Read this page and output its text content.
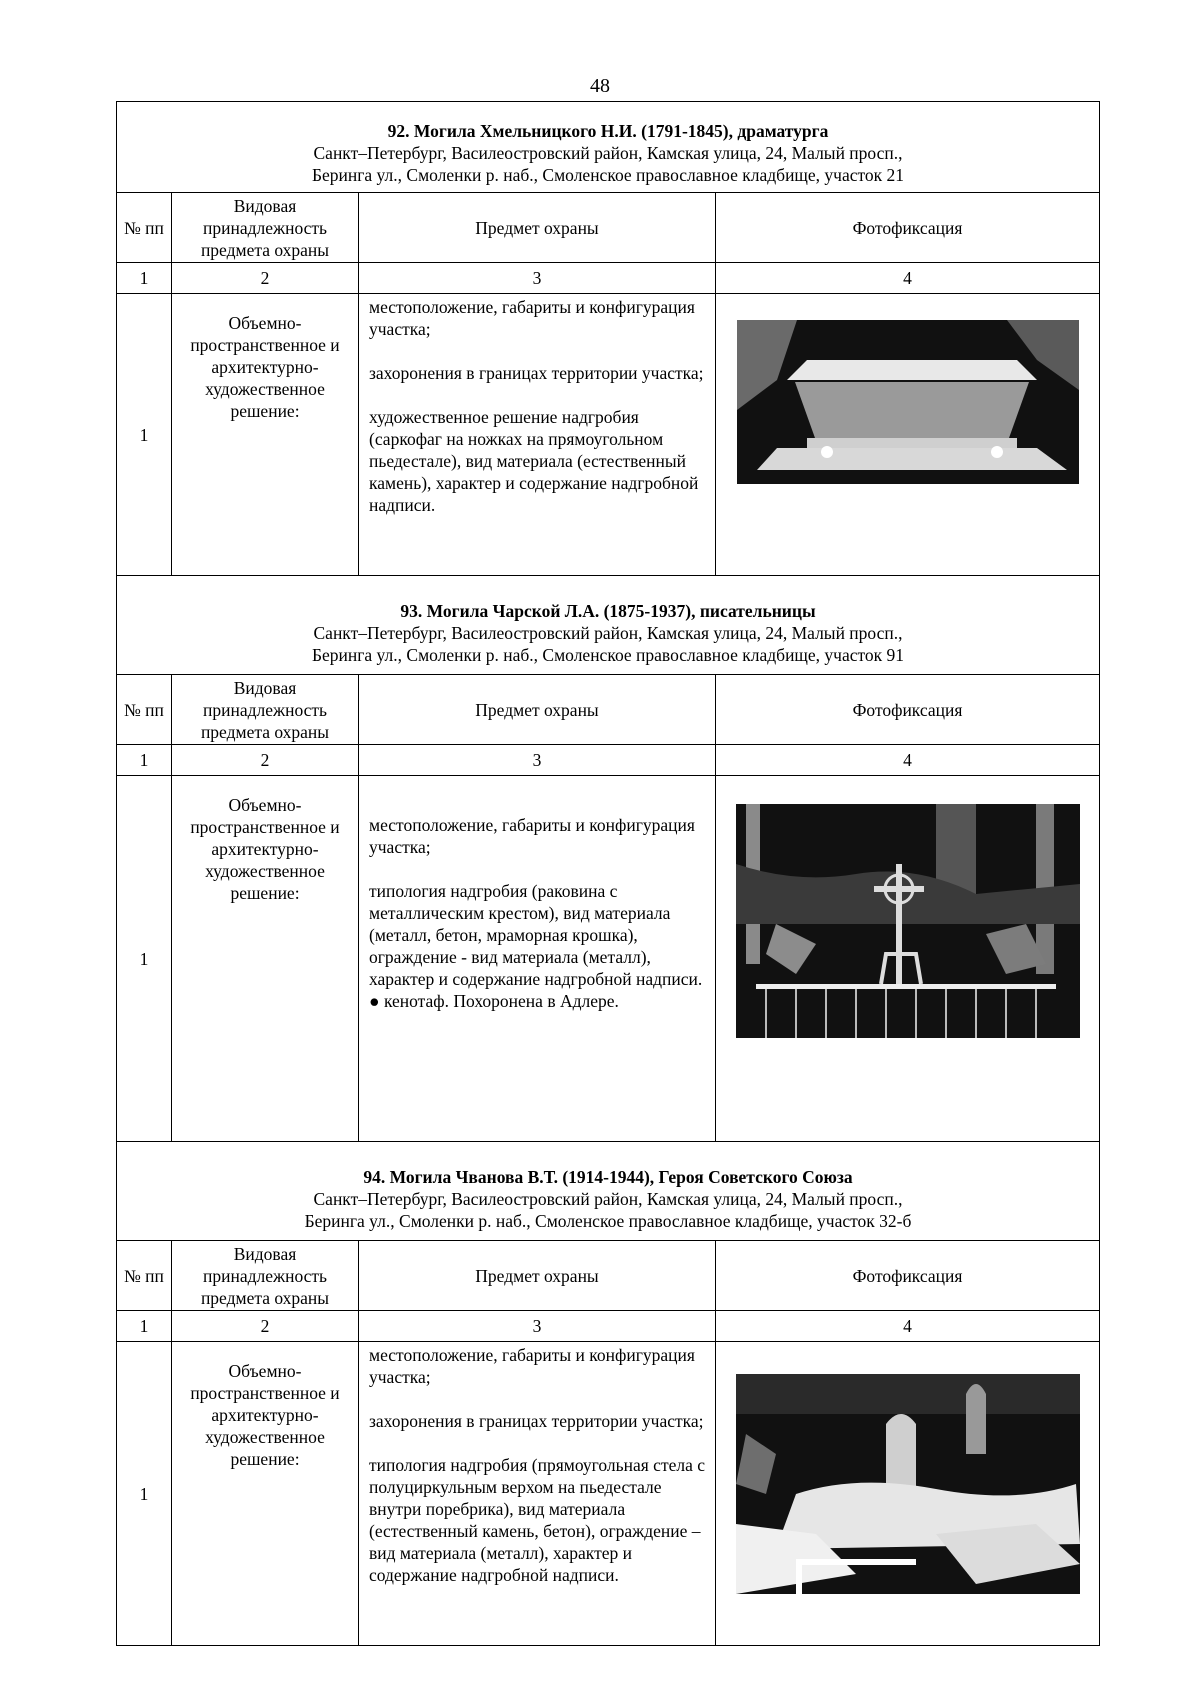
48
92. Могила Хмельницкого Н.И. (1791-1845), драматурга
Санкт–Петербург, Василеостровский район, Камская улица, 24, Малый просп.,
Беринга ул., Смоленки р. наб., Смоленское православное кладбище, участок 21			

№ пп	Видовая принадлежность предмета охраны	Предмет охраны	Фотофиксация
1	2	3	4
1	Объемно-пространственное и архитектурно-художественное решение:	местоположение, габариты и конфигурация участка;

захоронения в границах территории участка;

художественное решение надгробия (саркофаг на ножках на прямоугольном пьедестале), вид материала (естественный камень), характер и содержание надгробной надписи.

93. Могила Чарской Л.А. (1875-1937), писательницы
Санкт–Петербург, Василеостровский район, Камская улица, 24, Малый просп.,
Беринга ул., Смоленки р. наб., Смоленское православное кладбище, участок 91			

№ пп	Видовая принадлежность предмета охраны	Предмет охраны	Фотофиксация
1	2	3	4
1	Объемно-пространственное и архитектурно-художественное решение:	местоположение, габариты и конфигурация участка;

типология надгробия (раковина с металлическим крестом), вид материала (металл, бетон, мраморная крошка), ограждение - вид материала (металл), характер и содержание надгробной надписи.

● кенотаф. Похоронена в Адлере.

94. Могила Чванова В.Т. (1914-1944), Героя Советского Союза
Санкт–Петербург, Василеостровский район, Камская улица, 24, Малый просп.,
Беринга ул., Смоленки р. наб., Смоленское православное кладбище, участок 32-б			

№ пп	Видовая принадлежность предмета охраны	Предмет охраны	Фотофиксация
1	2	3	4
1	Объемно-пространственное и архитектурно-художественное решение:	местоположение, габариты и конфигурация участка;

захоронения в границах территории участка;

типология надгробия (прямоугольная стела с полуциркульным верхом на пьедестале внутри поребрика), вид материала (естественный камень, бетон), ограждение – вид материала (металл), характер и содержание надгробной надписи.
